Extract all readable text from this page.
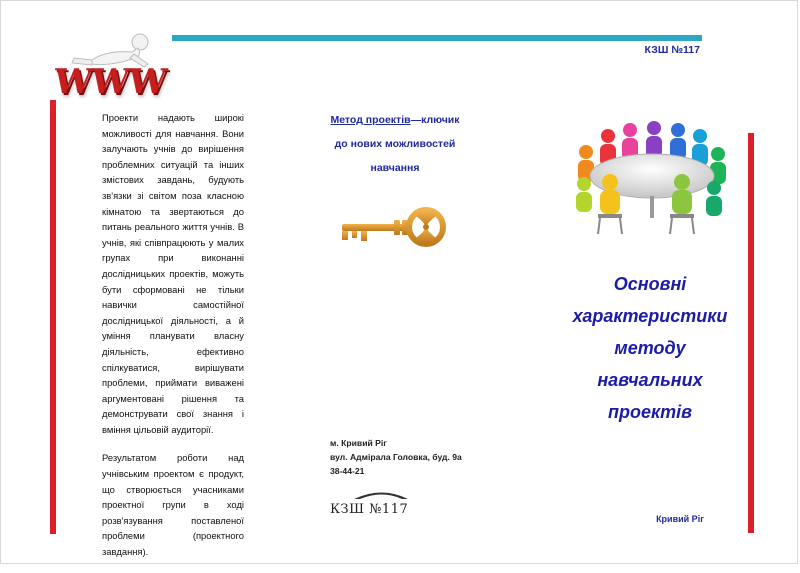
WWW

Проекти надають широкі можливості для навчання. Вони залучають учнів до вирішення проблемних ситуацій та інших змістових завдань, будують зв'язки зі світом поза класною кімнатою та звертаються до питань реального життя учнів. В учнів, які співпрацюють у малих групах при виконанні дослідницьких проектів, можуть бути сформовані не тільки навички самостійної дослідницької діяльності, а й уміння планувати власну діяльність, ефективно спілкуватися, вирішувати проблеми, приймати виважені аргументовані рішення та демонструвати свої знання і вміння цільовій аудиторії.

Результатом роботи над учнівським проектом є продукт, що створюється учасниками проектної групи в ході розв'язування поставленої проблеми (проектного завдання).

Метод проектів—ключик
до нових можливостей
навчання
м. Кривий Ріг
вул. Адмірала Головка, буд. 9а
38-44-21
КЗШ №117
КЗШ №117
Основні
характеристики
методу
навчальних
проектів
Кривий Ріг
